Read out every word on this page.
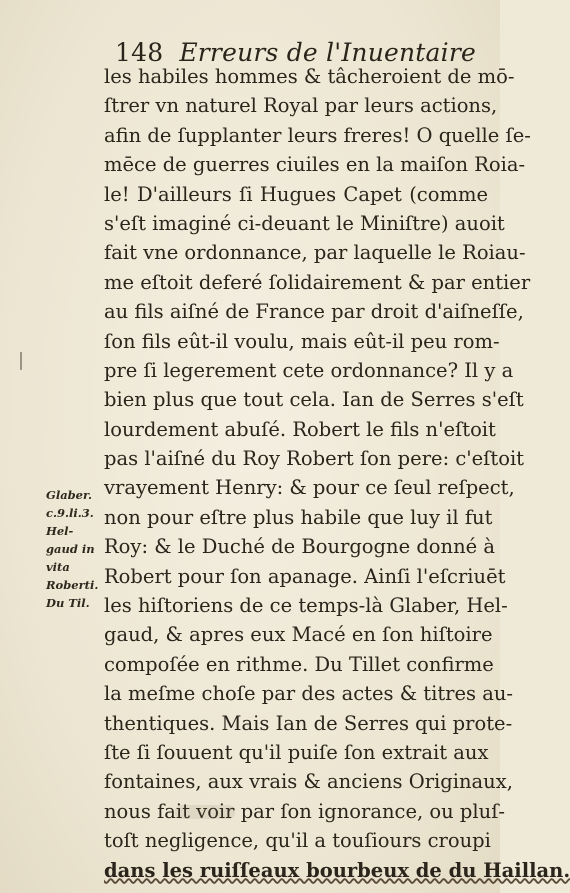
148 Erreurs de l'Inuentaire
les habiles hommes & tâcheroient de mō-
ſtrer vn naturel Royal par leurs actions,
afin de ſupplanter leurs freres! O quelle ſe-
mēce de guerres ciuiles en la maiſon Roia-
le! D'ailleurs ſi Hugues Capet (comme
s'eſt imaginé ci-deuant le Miniſtre) auoit
fait vne ordonnance, par laquelle le Roiau-
me eſtoit deferé ſolidairement & par entier
au fils aiſné de France par droit d'aiſneſſe,
ſon fils eût-il voulu, mais eût-il peu rom-
pre ſi legerement cete ordonnance? Il y a
bien plus que tout cela. Ian de Serres s'eſt
lourdement abuſé. Robert le fils n'eſtoit
pas l'aiſné du Roy Robert ſon pere: c'eſtoit
vrayement Henry: & pour ce ſeul reſpect,
non pour eſtre plus habile que luy il fut
Roy: & le Duché de Bourgogne donné à
Robert pour ſon apanage. Ainſi l'eſcriuēt
les hiſtoriens de ce temps-là Glaber, Hel-
gaud, & apres eux Macé en ſon hiſtoire
compoſée en rithme. Du Tillet confirme
la meſme choſe par des actes & titres au-
thentiques. Mais Ian de Serres qui prote-
ſte ſi ſouuent qu'il puiſe ſon extrait aux
fontaines, aux vrais & anciens Originaux,
nous fait voir par ſon ignorance, ou pluſ-
toſt negligence, qu'il a touſiours croupi
dans les ruiſſeaux bourbeux de du Haillan.
Glaber.
c.9.li.3.
Hel-
gaud in
vita
Roberti.
Du Til.
